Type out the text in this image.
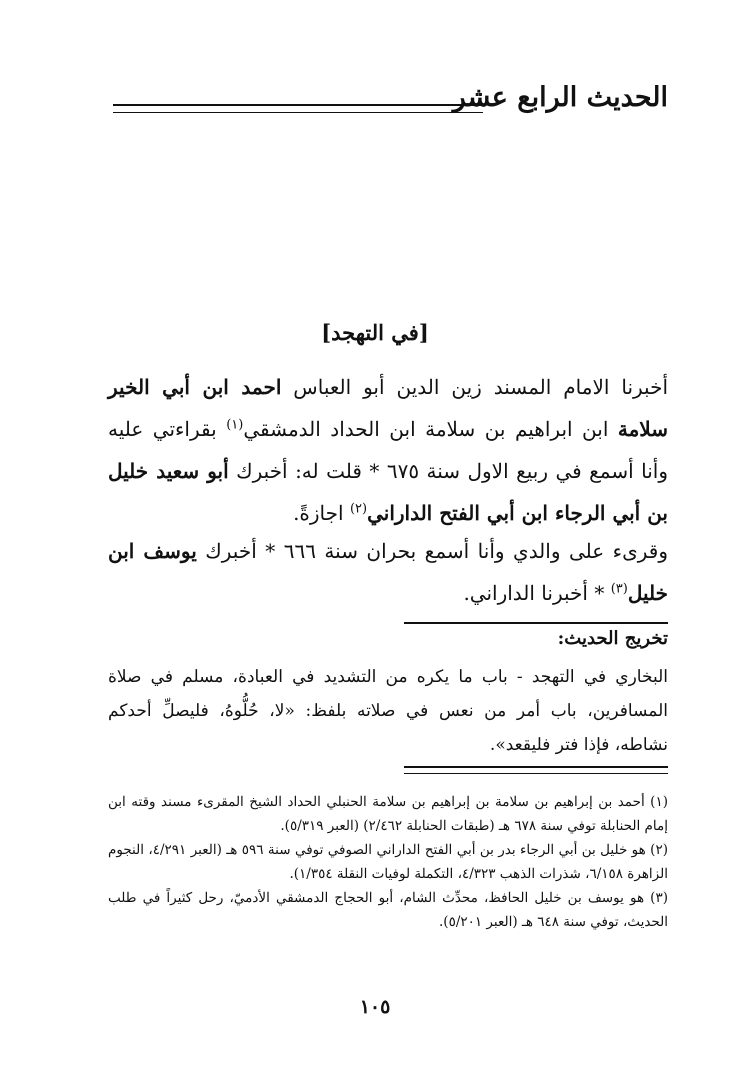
الحديث الرابع عشر
[في التهجد]

أخبرنا الامام المسند زين الدين أبو العباس احمد ابن أبي الخير سلامة ابن ابراهيم بن سلامة ابن الحداد الدمشقي$^{(١)}$ بقراءتي عليه وأنا أسمع في ربيع الاول سنة ٦٧٥ * قلت له: أخبرك أبو سعيد خليل بن أبي الرجاء ابن أبي الفتح الداراني$^{(٢)}$ اجازةً.

وقرىء على والدي وأنا أسمع بحران سنة ٦٦٦ * أخبرك يوسف ابن خليل$^{(٣)}$ * أخبرنا الداراني.

تخريج الحديث:

البخاري في التهجد - باب ما يكره من التشديد في العبادة، مسلم في صلاة المسافرين، باب أمر من نعس في صلاته بلفظ: «لا، حُلُّوهُ، فليصلِّ أحدكم نشاطه، فإذا فتر فليقعد».

(١) أحمد بن إبراهيم بن سلامة بن إبراهيم بن سلامة الحنبلي الحداد الشيخ المقرىء مسند وقته ابن إمام الحنابلة توفي سنة ٦٧٨ هـ (طبقات الحنابلة ٢/٤٦٢) (العبر ٥/٣١٩).

(٢) هو خليل بن أبي الرجاء بدر بن أبي الفتح الداراني الصوفي توفي سنة ٥٩٦ هـ (العبر ٤/٢٩١، النجوم الزاهرة ٦/١٥٨، شذرات الذهب ٤/٣٢٣، التكملة لوفيات النقلة ١/٣٥٤).

(٣) هو يوسف بن خليل الحافظ، محدِّث الشام، أبو الحجاج الدمشقي الأدميّ، رحل كثيراً في طلب الحديث، توفي سنة ٦٤٨ هـ (العبر ٥/٢٠١).

١٠٥
